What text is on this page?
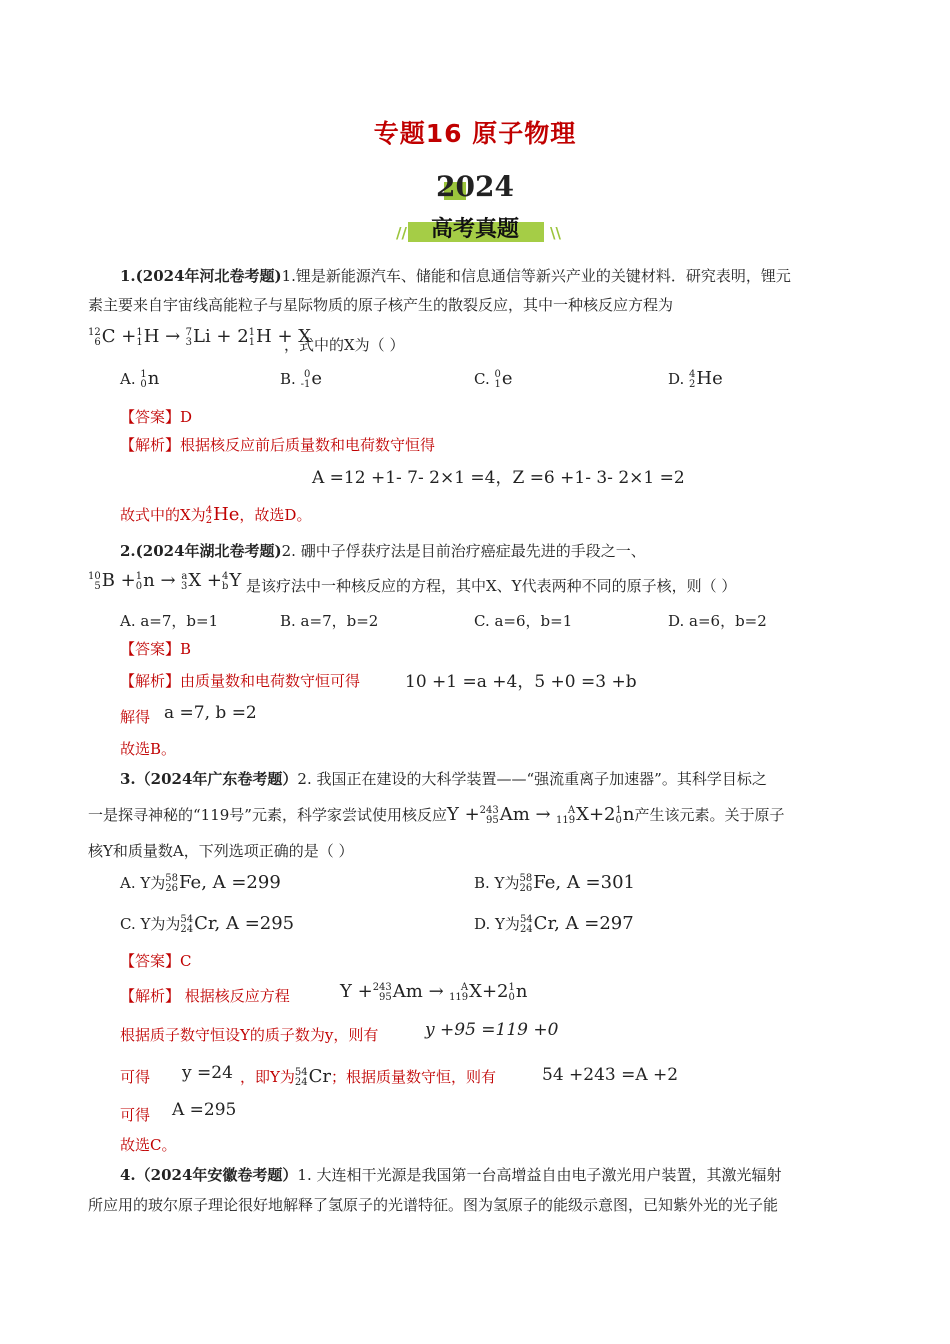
专题16 原子物理
2024
//	\\
高考真题
1.(2024年河北卷考题)1.锂是新能源汽车、储能和信息通信等新兴产业的关键材料．研究表明，锂元
素主要来自宇宙线高能粒子与星际物质的原子核产生的散裂反应，其中一种核反应方程为
12
6 C + 1
1 H → 7
3 Li + 2 1
1 H + X
，式中的X为（ ）
A. 1
0 n	B. 0
-1 e	C. 0
1 e	D. 4
2 He
【答案】D
【解析】根据核反应前后质量数和电荷数守恒得
A =12 +1- 7- 2×1 =4，Z =6 +1- 3- 2×1 =2
故式中的X为 4
2 He，故选D。
2.(2024年湖北卷考题)2. 硼中子俘获疗法是目前治疗癌症最先进的手段之一、
10
5 B + 1
0 n → a
3 X + 4
b Y 是该疗法中一种核反应的方程，其中X、Y代表两种不同的原子核，则（ ）
A. a=7，b=1	B. a=7，b=2	C. a=6，b=1	D. a=6，b=2
【答案】B
【解析】由质量数和电荷数守恒可得	10 +1 =a +4，5 +0 =3 +b
解得 a =7, b =2
故选B。
3.（2024年广东卷考题）2. 我国正在建设的大科学装置——“强流重离子加速器”。其科学目标之
一是探寻神秘的“119号”元素，科学家尝试使用核反应Y + 243
95 Am →	A
119 X+2 1
0 n产生该元素。关于原子
核Y和质量数A，下列选项正确的是（ ）
A. Y为 58
26 Fe, A =299	B. Y为 58
26 Fe, A =301
C. Y为为 54
24 Cr, A =295	D. Y为 54
24 Cr, A =297
【答案】C
【解析】 根据核反应方程	Y + 243
95 Am →	A
119 X+2 1
0 n
根据质子数守恒设Y的质子数为y，则有	y +95 =119 +0
可得 y =24 ，即Y为 54
24 Cr；根据质量数守恒，则有	54 +243 =A +2
可得 A =295
故选C。
4.（2024年安徽卷考题）1. 大连相干光源是我国第一台高增益自由电子激光用户装置，其激光辐射
所应用的玻尔原子理论很好地解释了氢原子的光谱特征。图为氢原子的能级示意图，已知紫外光的光子能
